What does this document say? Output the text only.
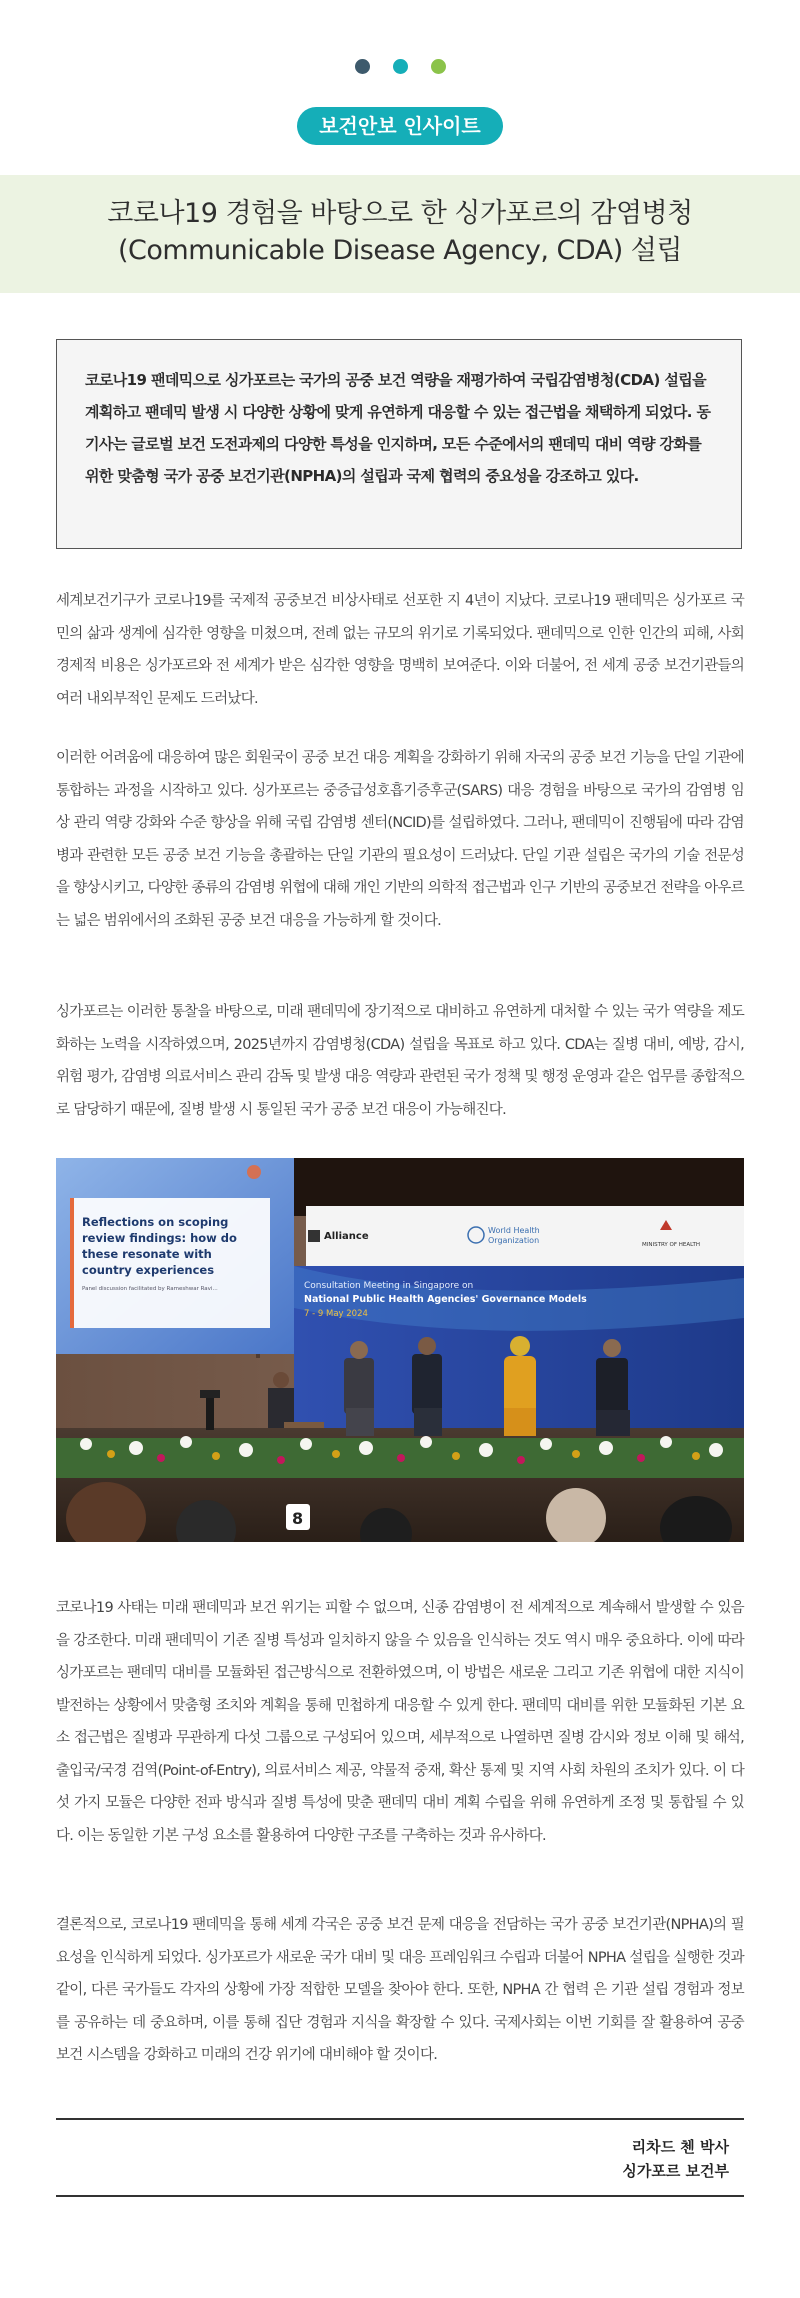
보건안보 인사이트
코로나19 경험을 바탕으로 한 싱가포르의 감염병청
(Communicable Disease Agency, CDA) 설립

코로나19 팬데믹으로 싱가포르는 국가의 공중 보건 역량을 재평가하여 국립감염병청(CDA) 설립을 계획하고 팬데믹 발생 시 다양한 상황에 맞게 유연하게 대응할 수 있는 접근법을 채택하게 되었다. 동 기사는 글로벌 보건 도전과제의 다양한 특성을 인지하며, 모든 수준에서의 팬데믹 대비 역량 강화를 위한 맞춤형 국가 공중 보건기관(NPHA)의 설립과 국제 협력의 중요성을 강조하고 있다.

세계보건기구가 코로나19를 국제적 공중보건 비상사태로 선포한 지 4년이 지났다. 코로나19 팬데믹은 싱가포르 국민의 삶과 생계에 심각한 영향을 미쳤으며, 전례 없는 규모의 위기로 기록되었다. 팬데믹으로 인한 인간의 피해, 사회경제적 비용은 싱가포르와 전 세계가 받은 심각한 영향을 명백히 보여준다. 이와 더불어, 전 세계 공중 보건기관들의 여러 내외부적인 문제도 드러났다.

이러한 어려움에 대응하여 많은 회원국이 공중 보건 대응 계획을 강화하기 위해 자국의 공중 보건 기능을 단일 기관에 통합하는 과정을 시작하고 있다. 싱가포르는 중증급성호흡기증후군(SARS) 대응 경험을 바탕으로 국가의 감염병 임상 관리 역량 강화와 수준 향상을 위해 국립 감염병 센터(NCID)를 설립하였다. 그러나, 팬데믹이 진행됨에 따라 감염병과 관련한 모든 공중 보건 기능을 총괄하는 단일 기관의 필요성이 드러났다. 단일 기관 설립은 국가의 기술 전문성을 향상시키고, 다양한 종류의 감염병 위협에 대해 개인 기반의 의학적 접근법과 인구 기반의 공중보건 전략을 아우르는 넓은 범위에서의 조화된 공중 보건 대응을 가능하게 할 것이다.

싱가포르는 이러한 통찰을 바탕으로, 미래 팬데믹에 장기적으로 대비하고 유연하게 대처할 수 있는 국가 역량을 제도화하는 노력을 시작하였으며, 2025년까지 감염병청(CDA) 설립을 목표로 하고 있다. CDA는 질병 대비, 예방, 감시, 위험 평가, 감염병 의료서비스 관리 감독 및 발생 대응 역량과 관련된 국가 정책 및 행정 운영과 같은 업무를 종합적으로 담당하기 때문에, 질병 발생 시 통일된 국가 공중 보건 대응이 가능해진다.

Reflections on scoping
review findings: how do
these resonate with
country experiences
Panel discussion facilitated by Rameshwar Ravi...
Alliance
World Health
Organization	MINISTRY OF HEALTH
Consultation Meeting in Singapore on
National Public Health Agencies' Governance Models
7 - 9 May 2024
8

코로나19 사태는 미래 팬데믹과 보건 위기는 피할 수 없으며, 신종 감염병이 전 세계적으로 계속해서 발생할 수 있음을 강조한다. 미래 팬데믹이 기존 질병 특성과 일치하지 않을 수 있음을 인식하는 것도 역시 매우 중요하다. 이에 따라 싱가포르는 팬데믹 대비를 모듈화된 접근방식으로 전환하였으며, 이 방법은 새로운 그리고 기존 위협에 대한 지식이 발전하는 상황에서 맞춤형 조치와 계획을 통해 민첩하게 대응할 수 있게 한다. 팬데믹 대비를 위한 모듈화된 기본 요소 접근법은 질병과 무관하게 다섯 그룹으로 구성되어 있으며, 세부적으로 나열하면 질병 감시와 정보 이해 및 해석, 출입국/국경 검역(Point-of-Entry), 의료서비스 제공, 약물적 중재, 확산 통제 및 지역 사회 차원의 조치가 있다. 이 다섯 가지 모듈은 다양한 전파 방식과 질병 특성에 맞춘 팬데믹 대비 계획 수립을 위해 유연하게 조정 및 통합될 수 있다. 이는 동일한 기본 구성 요소를 활용하여 다양한 구조를 구축하는 것과 유사하다.

결론적으로, 코로나19 팬데믹을 통해 세계 각국은 공중 보건 문제 대응을 전담하는 국가 공중 보건기관(NPHA)의 필요성을 인식하게 되었다. 싱가포르가 새로운 국가 대비 및 대응 프레임워크 수립과 더불어 NPHA 설립을 실행한 것과 같이, 다른 국가들도 각자의 상황에 가장 적합한 모델을 찾아야 한다. 또한, NPHA 간 협력 은 기관 설립 경험과 정보를 공유하는 데 중요하며, 이를 통해 집단 경험과 지식을 확장할 수 있다. 국제사회는 이번 기회를 잘 활용하여 공중 보건 시스템을 강화하고 미래의 건강 위기에 대비해야 할 것이다.

리차드 첸 박사
싱가포르 보건부
